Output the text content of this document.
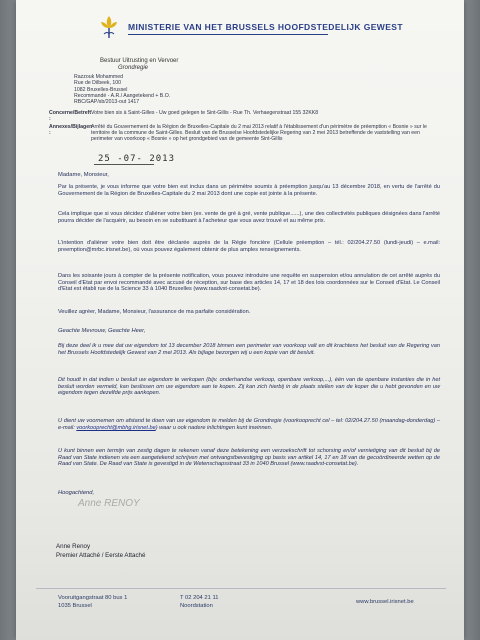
MINISTERIE VAN HET BRUSSELS HOOFDSTEDELIJK GEWEST
Bestuur Uitrusting en Vervoer
Grondregie
Razzouk Mohammed
Rue de Dilbeek, 100
1082 Bruxelles-Brussel
Recommandé - A.R./ Aangetekend + B.O.
RBC/GAP/sb/2013-out 1417
Concerne/Betreft :
Votre bien sis à Saint-Gilles - Uw goed gelegen te Sint-Gillis - Rue Th. Verhaegenstraat 155 32KK8
Annexes/Bijlagen :
Arrêté du Gouvernement de la Région de Bruxelles-Capitale du 2 mai 2013 relatif à l'établissement d'un périmètre de préemption « Bosnie » sur le territoire de la commune de Saint-Gilles. Besluit van de Brusselse Hoofdstedelijke Regering van 2 mei 2013 betreffende de vaststelling van een perimeter van voorkoop « Bosnie » op het grondgebied van de gemeente Sint-Gillis
25 -07- 2013
Madame, Monsieur,
Par la présente, je vous informe que votre bien est inclus dans un périmètre soumis à préemption jusqu'au 13 décembre 2018, en vertu de l'arrêté du Gouvernement de la Région de Bruxelles-Capitale du 2 mai 2013 dont une copie est jointe à la présente.
Cela implique que si vous décidez d'aliéner votre bien (ex. vente de gré à gré, vente publique......), une des collectivités publiques désignées dans l'arrêté pourra décider de l'acquérir, au besoin en se substituant à l'acheteur que vous avez trouvé et au même prix.
L'intention d'aliéner votre bien doit être déclarée auprès de la Régie foncière (Cellule préemption – tél.: 02/204.27.50 (lundi-jeudi) – e.mail: preemption@mrbc.irisnet.be), où vous pouvez également obtenir de plus amples renseignements.
Dans les soixante jours à compter de la présente notification, vous pouvez introduire une requête en suspension et/ou annulation de cet arrêté auprès du Conseil d'Etat par envoi recommandé avec accusé de réception, sur base des articles 14, 17 et 18 des lois coordonnées sur le Conseil d'Etat. Le Conseil d'Etat est établi rue de la Science 33 à 1040 Bruxelles (www.raadvst-consetat.be).
Veuillez agréer, Madame, Monsieur, l'assurance de ma parfaite considération.
Geachte Mevrouw, Geachte Heer,
Bij deze deel ik u mee dat uw eigendom tot 13 december 2018 binnen een perimeter van voorkoop valt en dit krachtens het besluit van de Regering van het Brussels Hoofdstedelijk Gewest van 2 mei 2013. Als bijlage bezorgen wij u een kopie van dit besluit.
Dit houdt in dat indien u besluit uw eigendom te verkopen (bijv. onderhandse verkoop, openbare verkoop,...), één van de openbare instanties die in het besluit worden vermeld, kan beslissen om uw eigendom aan te kopen. Zij kan zich hierbij in de plaats stellen van de koper die u hebt gevonden en uw eigendom tegen dezelfde prijs aankopen.
U dient uw voornemen om afstand te doen van uw eigendom te melden bij de Grondregie (voorkooprecht cel – tel: 02/204.27.50 (maandag-donderdag) – e-mail: voorkooprecht@mbhg.irisnet.be) waar u ook nadere inlichtingen kunt inwinnen.
U kunt binnen een termijn van zestig dagen te rekenen vanaf deze betekening een verzoekschrift tot schorsing en/of vernietiging van dit besluit bij de Raad van State indienen via een aangetekend schrijven met ontvangstbevestiging op basis van artikel 14, 17 en 18 van de gecoördineerde wetten op de Raad van State. De Raad van State is gevestigd in de Wetenschapsstraat 33 in 1040 Brussel (www.raadvst-consetat.be).
Hoogachtend,
Anne RENOY
Anne Renoy
Premier Attaché / Eerste Attaché
Vooruitgangstraat 80 bus 1
1035 Brussel
T 02 204 21 11
Noordstation
www.brussel.irisnet.be
